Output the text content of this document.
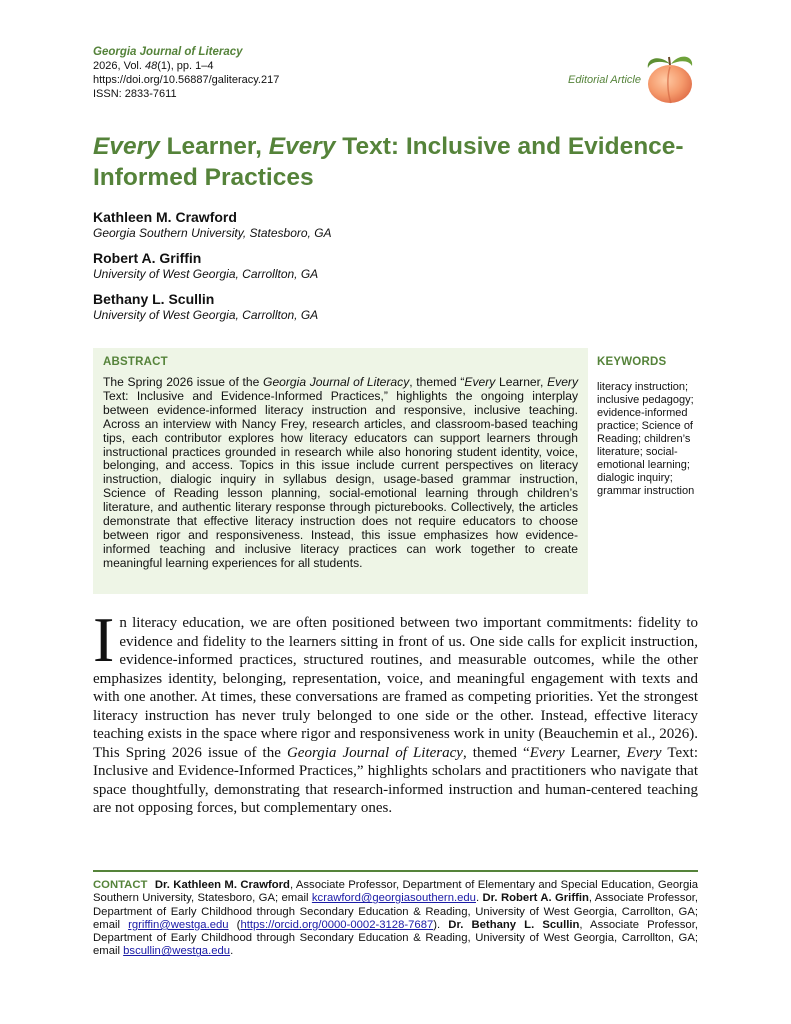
Georgia Journal of Literacy
2026, Vol. 48(1), pp. 1–4
https://doi.org/10.56887/galiteracy.217
ISSN: 2833-7611
Editorial Article
Every Learner, Every Text: Inclusive and Evidence-Informed Practices
Kathleen M. Crawford
Georgia Southern University, Statesboro, GA
Robert A. Griffin
University of West Georgia, Carrollton, GA
Bethany L. Scullin
University of West Georgia, Carrollton, GA
ABSTRACT
The Spring 2026 issue of the Georgia Journal of Literacy, themed “Every Learner, Every Text: Inclusive and Evidence-Informed Practices,” highlights the ongoing interplay between evidence-informed literacy instruction and responsive, inclusive teaching. Across an interview with Nancy Frey, research articles, and classroom-based teaching tips, each contributor explores how literacy educators can support learners through instructional practices grounded in research while also honoring student identity, voice, belonging, and access. Topics in this issue include current perspectives on literacy instruction, dialogic inquiry in syllabus design, usage-based grammar instruction, Science of Reading lesson planning, social-emotional learning through children’s literature, and authentic literary response through picturebooks. Collectively, the articles demonstrate that effective literacy instruction does not require educators to choose between rigor and responsiveness. Instead, this issue emphasizes how evidence-informed teaching and inclusive literacy practices can work together to create meaningful learning experiences for all students.
KEYWORDS
literacy instruction; inclusive pedagogy; evidence-informed practice; Science of Reading; children’s literature; social-emotional learning; dialogic inquiry; grammar instruction
In literacy education, we are often positioned between two important commitments: fidelity to evidence and fidelity to the learners sitting in front of us. One side calls for explicit instruction, evidence-informed practices, structured routines, and measurable outcomes, while the other emphasizes identity, belonging, representation, voice, and meaningful engagement with texts and with one another. At times, these conversations are framed as competing priorities. Yet the strongest literacy instruction has never truly belonged to one side or the other. Instead, effective literacy teaching exists in the space where rigor and responsiveness work in unity (Beauchemin et al., 2026). This Spring 2026 issue of the Georgia Journal of Literacy, themed “Every Learner, Every Text: Inclusive and Evidence-Informed Practices,” highlights scholars and practitioners who navigate that space thoughtfully, demonstrating that research-informed instruction and human-centered teaching are not opposing forces, but complementary ones.
CONTACT Dr. Kathleen M. Crawford, Associate Professor, Department of Elementary and Special Education, Georgia Southern University, Statesboro, GA; email kcrawford@georgiasouthern.edu. Dr. Robert A. Griffin, Associate Professor, Department of Early Childhood through Secondary Education & Reading, University of West Georgia, Carrollton, GA; email rgriffin@westga.edu (https://orcid.org/0000-0002-3128-7687). Dr. Bethany L. Scullin, Associate Professor, Department of Early Childhood through Secondary Education & Reading, University of West Georgia, Carrollton, GA; email bscullin@westga.edu.
